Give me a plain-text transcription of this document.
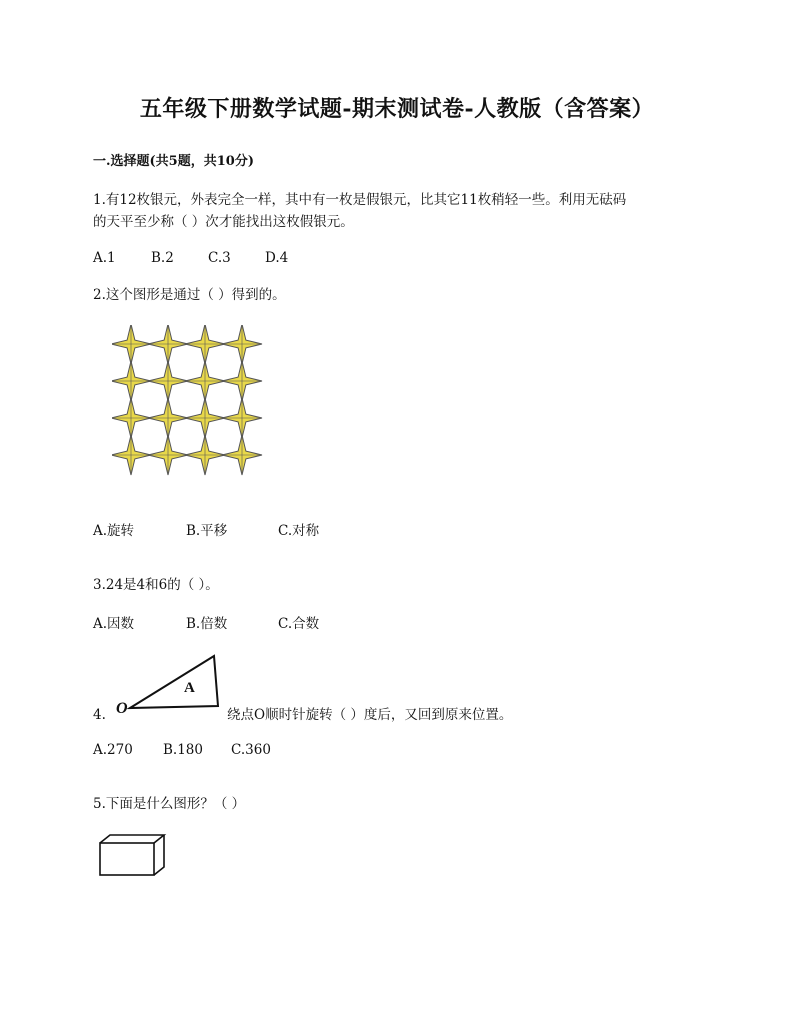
五年级下册数学试题-期末测试卷-人教版（含答案）
一.选择题(共5题，共10分)
1.有12枚银元，外表完全一样，其中有一枚是假银元，比其它11枚稍轻一些。利用无砝码
的天平至少称（ ）次才能找出这枚假银元。
A.1	B.2	C.3	D.4
2.这个图形是通过（ ）得到的。
A.旋转	B.平移	C.对称
3.24是4和6的（ ）。
A.因数	B.倍数	C.合数
4. O
A
绕点O顺时针旋转（ ）度后，又回到原来位置。
A.270 B.180 C.360
5.下面是什么图形？（ ）
